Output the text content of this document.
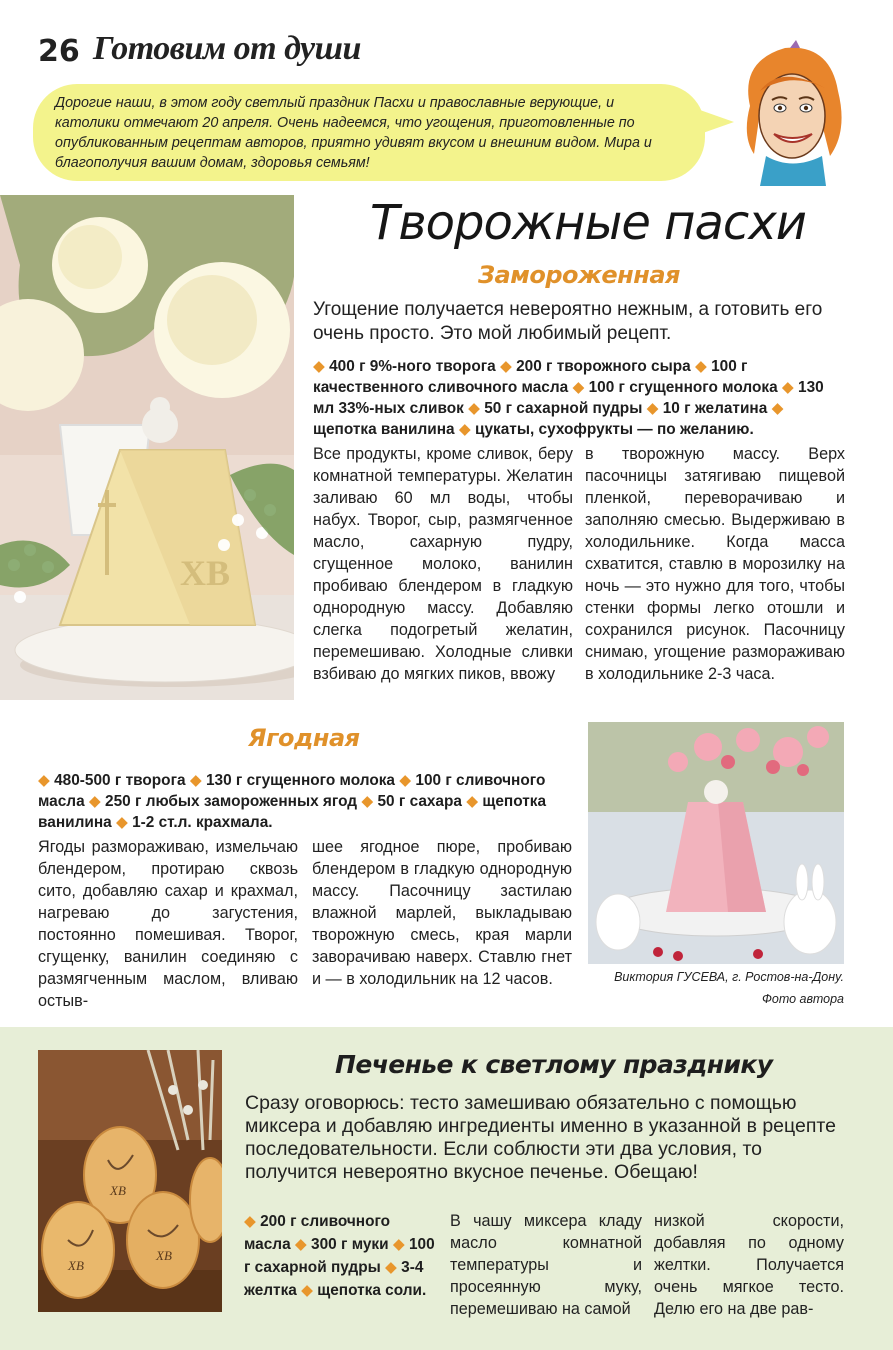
26 Готовим от души

Дорогие наши, в этом году светлый праздник Пасхи и православные верующие, и католики отмечают 20 апреля. Очень надеемся, что угощения, приготовленные по опубликованным рецептам авторов, приятно удивят вкусом и внешним видом. Мира и благополучия вашим домам, здоровья семьям!

ХВ
Творожные пасхи
Замороженная

Угощение получается невероятно нежным, а готовить его очень просто. Это мой любимый рецепт.

◆ 400 г 9%-ного творога ◆ 200 г творожного сыра ◆ 100 г качественного сливочного масла ◆ 100 г сгущенного молока ◆ 130 мл 33%-ных сливок ◆ 50 г сахарной пудры ◆ 10 г желатина ◆ щепотка ванилина ◆ цукаты, сухофрукты — по желанию.

Все продукты, кроме сливок, беру комнатной температуры. Желатин заливаю 60 мл воды, чтобы набух. Творог, сыр, размягченное масло, сахарную пудру, сгущенное молоко, ванилин пробиваю блендером в гладкую однородную массу. Добавляю слегка подогретый желатин, перемешиваю. Холодные сливки взбиваю до мягких пиков, ввожу

в творожную массу. Верх пасочницы затягиваю пищевой пленкой, переворачиваю и заполняю смесью. Выдерживаю в холодильнике. Когда масса схватится, ставлю в морозилку на ночь — это нужно для того, чтобы стенки формы легко отошли и сохранился рисунок. Пасочницу снимаю, угощение размораживаю в холодильнике 2-3 часа.

Ягодная

◆ 480-500 г творога ◆ 130 г сгущенного молока ◆ 100 г сливочного масла ◆ 250 г любых замороженных ягод ◆ 50 г сахара ◆ щепотка ванилина ◆ 1-2 ст.л. крахмала.

Ягоды размораживаю, измельчаю блендером, протираю сквозь сито, добавляю сахар и крахмал, нагреваю до загустения, постоянно помешивая. Творог, сгущенку, ванилин соединяю с размягченным маслом, вливаю остыв-

шее ягодное пюре, пробиваю блендером в гладкую однородную массу. Пасочницу застилаю влажной марлей, выкладываю творожную смесь, края марли заворачиваю наверх. Ставлю гнет и — в холодильник на 12 часов.	Виктория ГУСЕВА, г. Ростов-на-Дону.
Фото автора
ХВ
ХВ
ХВ
Печенье к светлому празднику

Сразу оговорюсь: тесто замешиваю обязательно с помощью миксера и добавляю ингредиенты именно в указанной в рецепте последовательности. Если соблюсти эти два условия, то получится невероятно вкусное печенье. Обещаю!

◆ 200 г сливочного масла ◆ 300 г муки ◆ 100 г сахарной пудры ◆ 3-4 желтка ◆ щепотка соли.

В чашу миксера кладу масло комнатной температуры и просеянную муку, перемешиваю на самой

низкой скорости, добавляя по одному желтки. Получается очень мягкое тесто. Делю его на две рав-
